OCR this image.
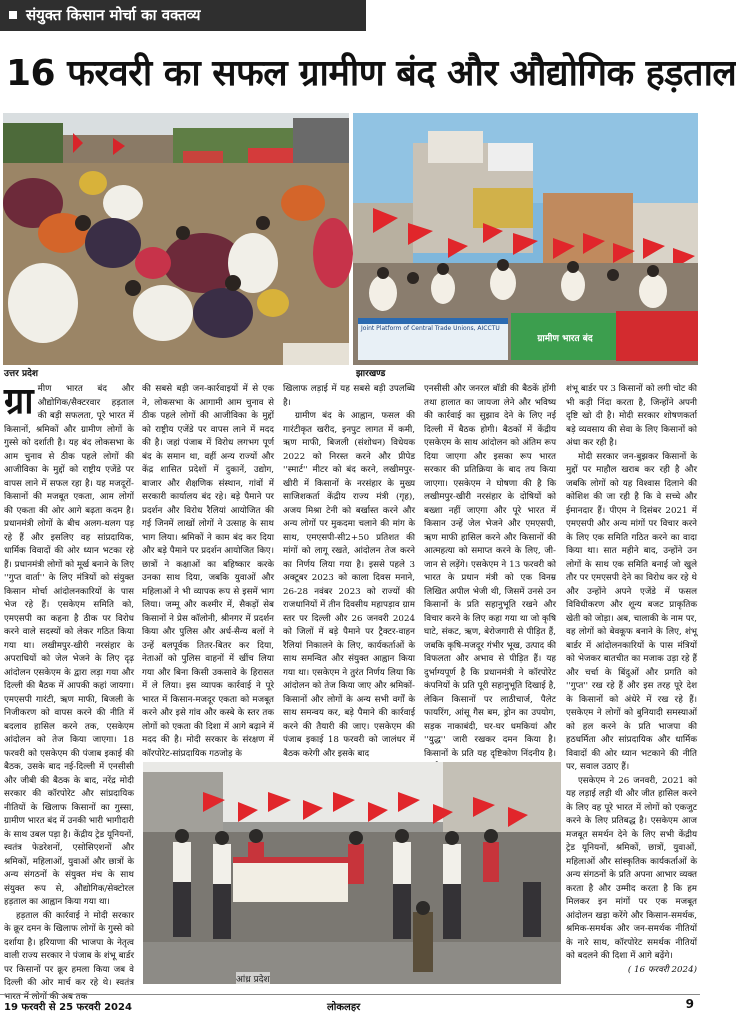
संयुक्त किसान मोर्चा का वक्तव्य
16 फरवरी का सफल ग्रामीण बंद और औद्योगिक हड़ताल
उत्तर प्रदेश
Joint Platform of Central Trade Unions, AICCTU
ग्रामीण भारत बंद
झारखण्ड

ग्रा मीण भारत बंद और औद्योगिक/सैक्टरवार हड़ताल की बड़ी सफलता, पूरे भारत में किसानों, श्रमिकों और ग्रामीण लोगों के गुस्से को दर्शाती है। यह बंद लोकसभा के आम चुनाव से ठीक पहले लोगों की आजीविका के मुद्दों को राष्ट्रीय एजेंडे पर वापस लाने में सफल रहा है। यह मजदूरों-किसानों की मजबूत एकता, आम लोगों की एकता की ओर आगे बढ़ता कदम है। प्रधानमंत्री लोगों के बीच अलग-थलग पड़ रहे हैं और इसलिए वह सांप्रदायिक, धार्मिक विवादों की ओर ध्यान भटका रहे हैं। प्रधानमंत्री लोगों को मूर्ख बनाने के लिए ''गुप्त वार्ता'' के लिए मंत्रियों को संयुक्त किसान मोर्चा आंदोलनकारियों के पास भेज रहे हैं। एसकेएम समिति को, एमएसपी का कहना है ठीक पर विरोध करने वाले सदस्यों को लेकर गठित किया गया था। लखीमपुर-खीरी नरसंहार के अपराधियों को जेल भेजने के लिए दृढ़ आंदोलन एसकेएम के द्वारा लड़ा गया और दिल्ली की बैठक में आपकी कहां जायगा। एमएसपी गारंटी, ऋण माफी, बिजली के निजीकरण को वापस करने की नीति में बदलाव हासिल करने तक, एसकेएम आंदोलन को तेज किया जाएगा। 18 फरवरी को एसकेएम की पंजाब इकाई की बैठक, उसके बाद नई-दिल्ली में एनसीसी और जीबी की बैठक के बाद, नरेंद्र मोदी सरकार की कॉरपोरेट और सांप्रदायिक नीतियों के खिलाफ किसानों का गुस्सा, ग्रामीण भारत बंद में उनकी भारी भागीदारी के साथ उबल पड़ा है। केंद्रीय ट्रेड यूनियनों, स्वतंत्र फेडरेशनों, एसोसिएशनों और श्रमिकों, महिलाओं, युवाओं और छात्रों के अन्य संगठनों के संयुक्त मंच के साथ संयुक्त रूप से, औद्योगिक/सेक्टोरल हड़ताल का आह्वान किया गया था।

हड़ताल की कार्रवाई ने मोदी सरकार के क्रूर दमन के खिलाफ लोगों के गुस्से को दर्शाया है। हरियाणा की भाजपा के नेतृत्व वाली राज्य सरकार ने पंजाब के शंभू बार्डर पर किसानों पर क्रूर हमला किया जब वे दिल्ली की ओर मार्च कर रहे थे। स्वतंत्र भारत में लोगों की अब तक

की सबसे बड़ी जन-कार्रवाइयों में से एक ने, लोकसभा के आगामी आम चुनाव से ठीक पहले लोगों की आजीविका के मुद्दों को राष्ट्रीय एजेंडे पर वापस लाने में मदद की है। जहां पंजाब में विरोध लगभग पूर्ण बंद के समान था, वहीं अन्य राज्यों और केंद्र शासित प्रदेशों में दुकानें, उद्योग, बाजार और शैक्षणिक संस्थान, गांवों में सरकारी कार्यालय बंद रहे। बड़े पैमाने पर प्रदर्शन और विरोध रैलियां आयोजित की गई जिनमें लाखों लोगों ने उत्साह के साथ भाग लिया। श्रमिकों ने काम बंद कर दिया और बड़े पैमाने पर प्रदर्शन आयोजित किए। छात्रों ने कक्षाओं का बहिष्कार करके उनका साथ दिया, जबकि युवाओं और महिलाओं ने भी व्यापक रूप से इसमें भाग लिया। जम्मू और कश्मीर में, सैकड़ों सेब किसानों ने प्रेस कॉलोनी, श्रीनगर में प्रदर्शन किया और पुलिस और अर्ध-सैन्य बलों ने उन्हें बलपूर्वक तितर-बितर कर दिया, नेताओं को पुलिस वाहनों में खींच लिया गया और बिना किसी उकसावे के हिरासत में ले लिया। इस व्यापक कार्रवाई ने पूरे भारत में किसान-मजदूर एकता को मजबूत करने और इसे गांव और कस्बे के स्तर तक लोगों को एकता की दिशा में आगे बढ़ाने में मदद की है। मोदी सरकार के संरक्षण में कॉरपोरेट-सांप्रदायिक गठजोड़ के

खिलाफ लड़ाई में यह सबसे बड़ी उपलब्धि है।

ग्रामीण बंद के आह्वान, फसल की गारंटीकृत खरीद, इनपुट लागत में कमी, ऋण माफी, बिजली (संशोधन) विधेयक 2022 को निरस्त करने और प्रीपेड ''स्मार्ट'' मीटर को बंद करने, लखीमपुर-खीरी में किसानों के नरसंहार के मुख्य साजिशकर्ता केंद्रीय राज्य मंत्री (गृह), अजय मिश्रा टेनी को बर्खास्त करने और अन्य लोगों पर मुकदमा चलाने की मांग के साथ, एमएसपी-सी2+50 प्रतिशत की मांगों को लागू रखते, आंदोलन तेज करने का निर्णय लिया गया है। इससे पहले 3 अक्टूबर 2023 को काला दिवस मनाने, 26-28 नवंबर 2023 को राज्यों की राजधानियों में तीन दिवसीय महापड़ाव ग्राम स्तर पर दिल्ली और 26 जनवरी 2024 को जिलों में बड़े पैमाने पर ट्रैक्टर-वाहन रैलियां निकालने के लिए, कार्यकर्ताओं के साथ समन्वित और संयुक्त आह्वान किया गया था। एसकेएम ने तुरंत निर्णय लिया कि आंदोलन को तेज किया जाए और श्रमिकों-किसानों और लोगों के अन्य सभी वर्गों के साथ समन्वय कर, बड़े पैमाने की कार्रवाई करने की तैयारी की जाए। एसकेएम की पंजाब इकाई 18 फरवरी को जालंधर में बैठक करेगी और इसके बाद

एनसीसी और जनरल बॉडी की बैठकें होंगी तथा हालात का जायजा लेने और भविष्य की कार्रवाई का सुझाव देने के लिए नई दिल्ली में बैठक होगी। बैठकों में केंद्रीय एसकेएम के साथ आंदोलन को अंतिम रूप दिया जाएगा और इसका रूप भारत सरकार की प्रतिक्रिया के बाद तय किया जाएगा। एसकेएम ने घोषणा की है कि लखीमपुर-खीरी नरसंहार के दोषियों को बख्शा नहीं जाएगा और पूरे भारत में किसान उन्हें जेल भेजने और एमएसपी, ऋण माफी हासिल करने और किसानों की आत्महत्या को समाप्त करने के लिए, जी-जान से लड़ेंगे। एसकेएम ने 13 फरवरी को भारत के प्रधान मंत्री को एक विनम्र लिखित अपील भेजी थी, जिसमें उनसे उन किसानों के प्रति सहानुभूति रखने और विचार करने के लिए कहा गया था जो कृषि घाटे, संकट, ऋण, बेरोजगारी से पीड़ित हैं, जबकि कृषि-मजदूर गंभीर भूख, उत्पाद की विफलता और अभाव से पीड़ित हैं। यह दुर्भाग्यपूर्ण है कि प्रधानमंत्री ने कॉरपोरेट कंपनियों के प्रति पूरी सहानुभूति दिखाई है, लेकिन किसानों पर लाठीचार्ज, पैलेट फायरिंग, आंसू गैस बम, ड्रोन का उपयोग, सड़क नाकाबंदी, घर-घर धमकियां और ''युद्ध'' जारी रखकर दमन किया है। किसानों के प्रति यह दृष्टिकोण निंदनीय है।

शंभू बार्डर पर 3 किसानों को लगी चोट की भी कड़ी निंदा करता है, जिन्होंने अपनी दृष्टि खो दी है। मोदी सरकार शोषणकर्ता बड़े व्यवसाय की सेवा के लिए किसानों को अंधा कर रही है।

मोदी सरकार जन-बुझकर किसानों के मुद्दों पर माहौल खराब कर रही है और जबकि लोगों को यह विश्वास दिलाने की कोशिश की जा रही है कि वे सच्चे और ईमानदार हैं। पीएम ने दिसंबर 2021 में एमएसपी और अन्य मांगों पर विचार करने के लिए एक समिति गठित करने का वादा किया था। सात महीने बाद, उन्होंने उन लोगों के साथ एक समिति बनाई जो खुले तौर पर एमएसपी देने का विरोध कर रहे थे और उन्होंने अपने एजेंडे में फसल विविधीकरण और शून्य बजट प्राकृतिक खेती को जोड़ा। अब, चालाकी के नाम पर, वह लोगों को बेवकूफ बनाने के लिए, शंभू बार्डर में आंदोलनकारियों के पास मंत्रियों को भेजकर बातचीत का मजाक उड़ा रहे हैं और चर्चा के बिंदुओं और प्रगति को ''गुप्त'' रख रहे हैं और इस तरह पूरे देश के किसानों को अंधेरे में रख रहे हैं। एसकेएम ने लोगों को बुनियादी समस्याओं को हल करने के प्रति भाजपा की हठधर्मिता और सांप्रदायिक और धार्मिक विवादों की ओर ध्यान भटकाने की नीति पर, सवाल उठाए हैं।

एसकेएम ने 26 जनवरी, 2021 को यह लड़ाई लड़ी थी और जीत हासिल करने के लिए वह पूरे भारत में लोगों को एकजुट करने के लिए प्रतिबद्ध है। एसकेएम आज मजबूत समर्थन देने के लिए सभी केंद्रीय ट्रेड यूनियनों, श्रमिकों, छात्रों, युवाओं, महिलाओं और सांस्कृतिक कार्यकर्ताओं के अन्य संगठनों के प्रति अपना आभार व्यक्त करता है और उम्मीद करता है कि हम मिलकर इन मांगों पर एक मजबूत आंदोलन खड़ा करेंगे और किसान-समर्थक, श्रमिक-समर्थक और जन-समर्थक नीतियों के नारे साथ, कॉरपोरेट समर्थक नीतियों को बदलने की दिशा में आगे बढ़ेंगे।

( 16 फरवरी 2024)

आंध्र प्रदेश
19 फरवरी से 25 फरवरी 2024	लोकलहर	9
